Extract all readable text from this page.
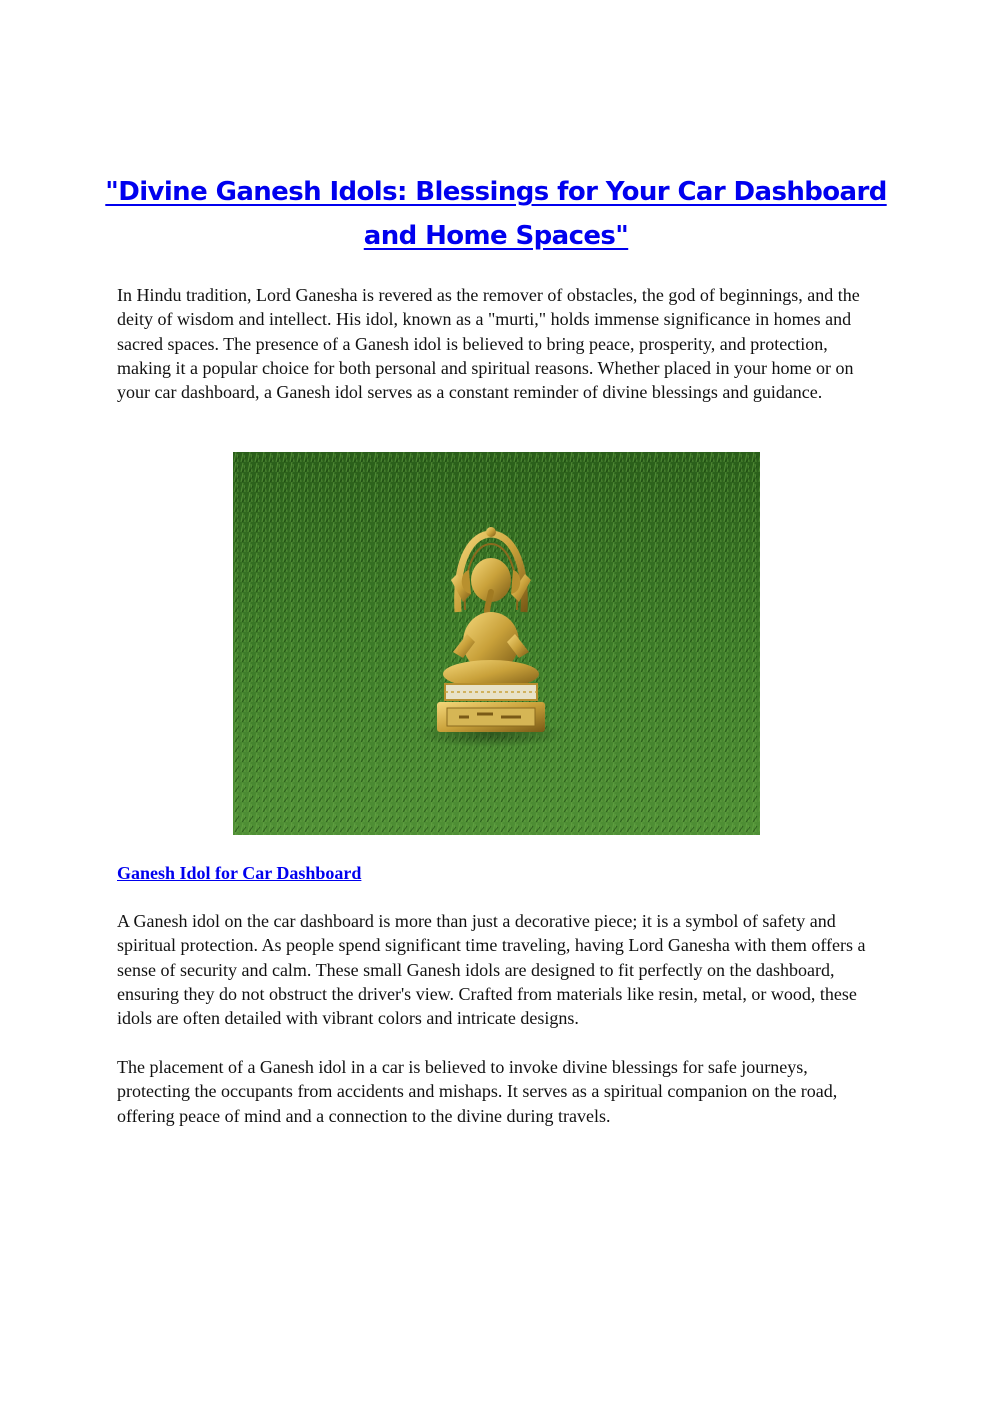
"Divine Ganesh Idols: Blessings for Your Car Dashboard and Home Spaces"

In Hindu tradition, Lord Ganesha is revered as the remover of obstacles, the god of beginnings, and the deity of wisdom and intellect. His idol, known as a "murti," holds immense significance in homes and sacred spaces. The presence of a Ganesh idol is believed to bring peace, prosperity, and protection, making it a popular choice for both personal and spiritual reasons. Whether placed in your home or on your car dashboard, a Ganesh idol serves as a constant reminder of divine blessings and guidance.

Ganesh Idol for Car Dashboard

A Ganesh idol on the car dashboard is more than just a decorative piece; it is a symbol of safety and spiritual protection. As people spend significant time traveling, having Lord Ganesha with them offers a sense of security and calm. These small Ganesh idols are designed to fit perfectly on the dashboard, ensuring they do not obstruct the driver's view. Crafted from materials like resin, metal, or wood, these idols are often detailed with vibrant colors and intricate designs.

The placement of a Ganesh idol in a car is believed to invoke divine blessings for safe journeys, protecting the occupants from accidents and mishaps. It serves as a spiritual companion on the road, offering peace of mind and a connection to the divine during travels.
